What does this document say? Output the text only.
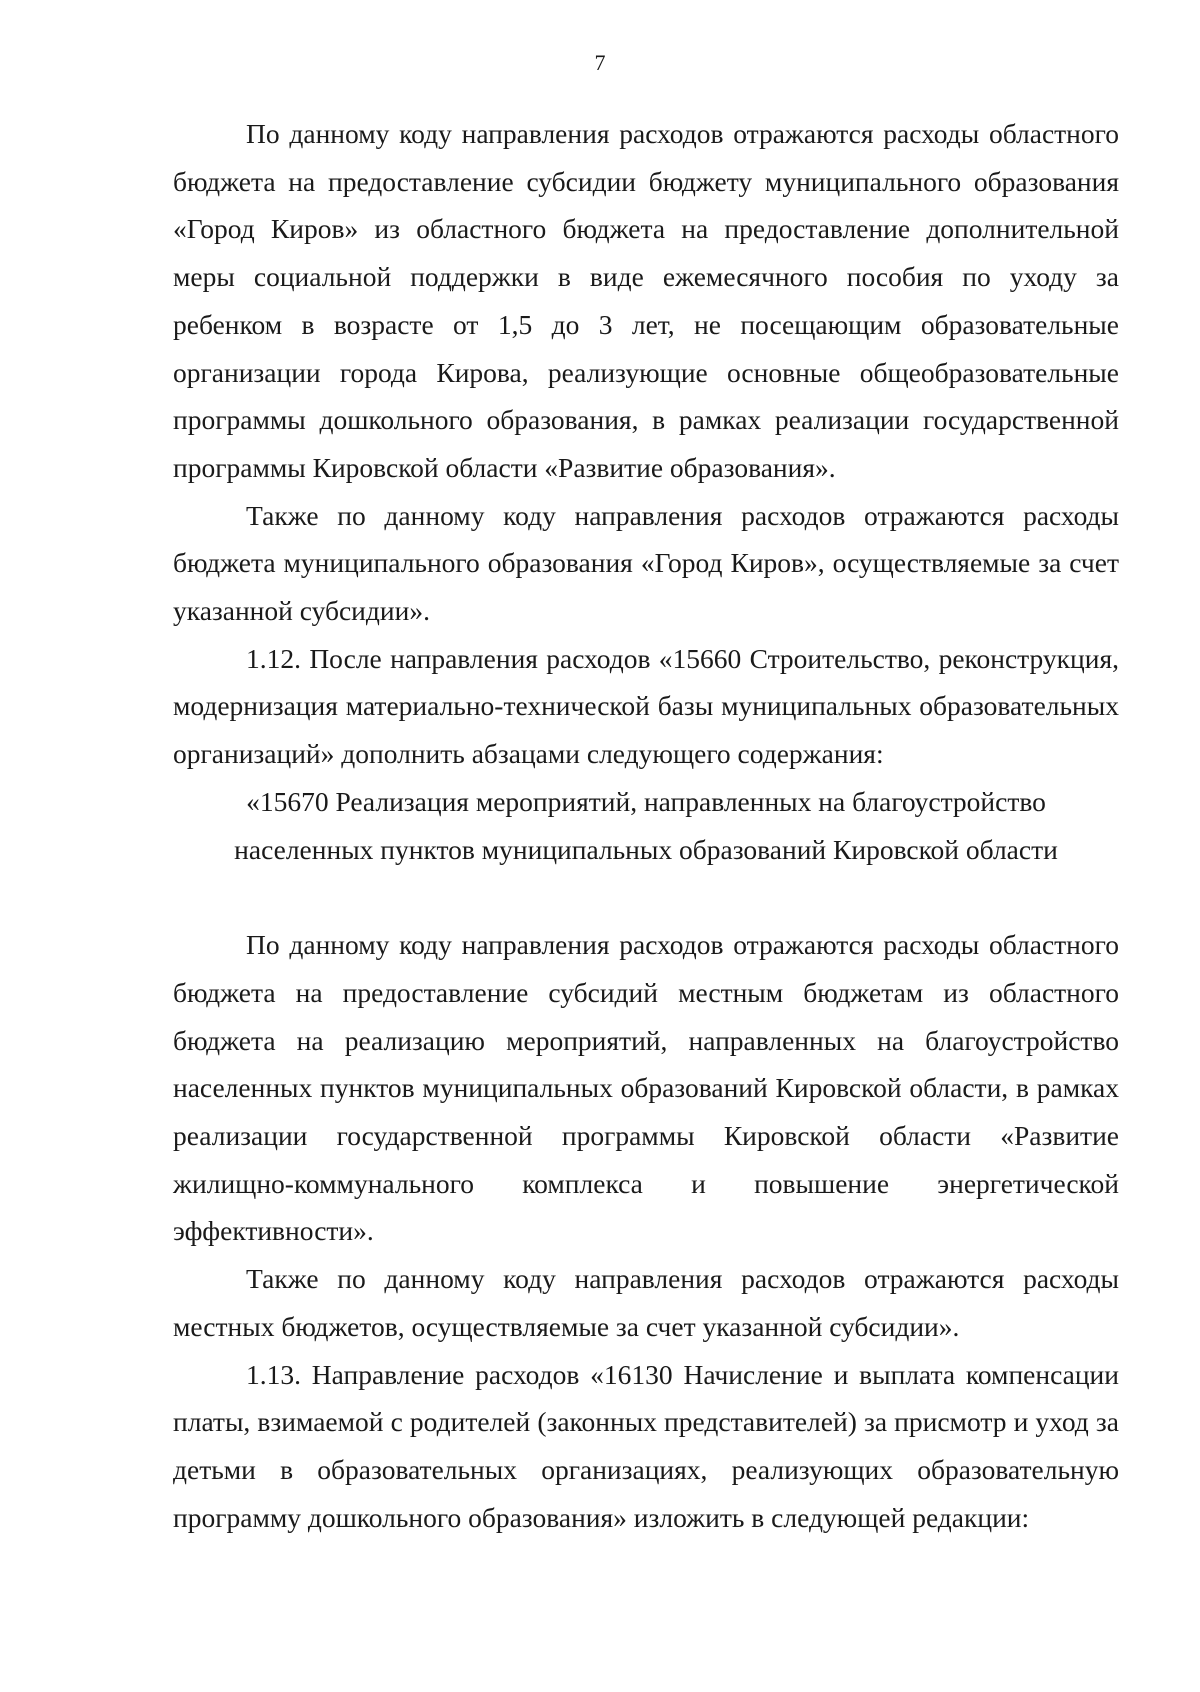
7

По данному коду направления расходов отражаются расходы областного бюджета на предоставление субсидии бюджету муниципального образования «Город Киров» из областного бюджета на предоставление дополнительной меры социальной поддержки в виде ежемесячного пособия по уходу за ребенком в возрасте от 1,5 до 3 лет, не посещающим образовательные организации города Кирова, реализующие основные общеобразовательные программы дошкольного образования, в рамках реализации государственной программы Кировской области «Развитие образования».

Также по данному коду направления расходов отражаются расходы бюджета муниципального образования «Город Киров», осуществляемые за счет указанной субсидии».

1.12. После направления расходов «15660 Строительство, реконструкция, модернизация материально-технической базы муниципальных образовательных организаций» дополнить абзацами следующего содержания:

«15670 Реализация мероприятий, направленных на благоустройство

населенных пунктов муниципальных образований Кировской области

По данному коду направления расходов отражаются расходы областного бюджета на предоставление субсидий местным бюджетам из областного бюджета на реализацию мероприятий, направленных на благоустройство населенных пунктов муниципальных образований Кировской области, в рамках реализации государственной программы Кировской области «Развитие жилищно-коммунального комплекса и повышение энергетической эффективности».

Также по данному коду направления расходов отражаются расходы местных бюджетов, осуществляемые за счет указанной субсидии».

1.13. Направление расходов «16130 Начисление и выплата компенсации платы, взимаемой с родителей (законных представителей) за присмотр и уход за детьми в образовательных организациях, реализующих образовательную программу дошкольного образования» изложить в следующей редакции:
